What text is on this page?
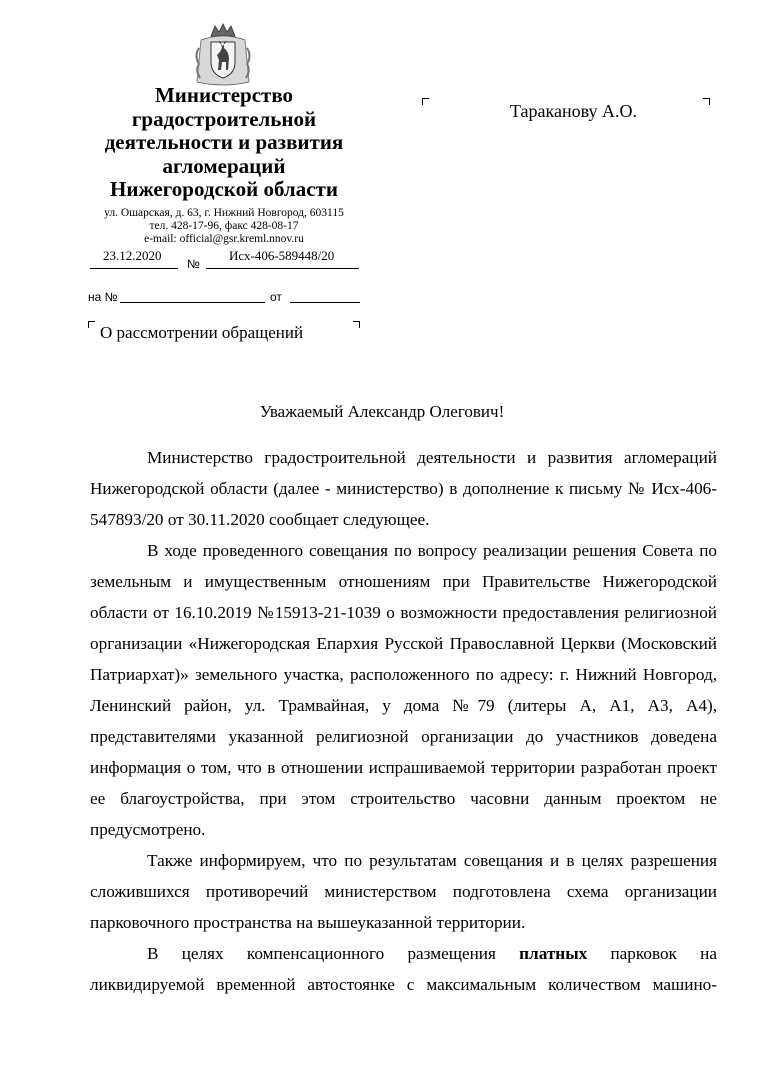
Министерство
градостроительной
деятельности и развития
агломераций
Нижегородской области
ул. Ошарская, д. 63, г. Нижний Новгород, 603115
тел. 428-17-96, факс 428-08-17
e-mail: official@gsr.kreml.nnov.ru
23.12.2020
№
Исх-406-589448/20
на №	от
О рассмотрении обращений
Тараканову А.О.
Уважаемый Александр Олегович!

Министерство градостроительной деятельности и развития агломераций Нижегородской области (далее - министерство) в дополнение к письму № Исх-406-547893/20 от 30.11.2020 сообщает следующее.

В ходе проведенного совещания по вопросу реализации решения Совета по земельным и имущественным отношениям при Правительстве Нижегородской области от 16.10.2019 №15913-21-1039 о возможности предоставления религиозной организации «Нижегородская Епархия Русской Православной Церкви (Московский Патриархат)» земельного участка, расположенного по адресу: г. Нижний Новгород, Ленинский район, ул. Трамвайная, у дома №79 (литеры А, А1, А3, А4), представителями указанной религиозной организации до участников доведена информация о том, что в отношении испрашиваемой территории разработан проект ее благоустройства, при этом строительство часовни данным проектом не предусмотрено.

Также информируем, что по результатам совещания и в целях разрешения сложившихся противоречий министерством подготовлена схема организации парковочного пространства на вышеуказанной территории.

В целях компенсационного размещения платных парковок на ликвидируемой временной автостоянке с максимальным количеством машино-
